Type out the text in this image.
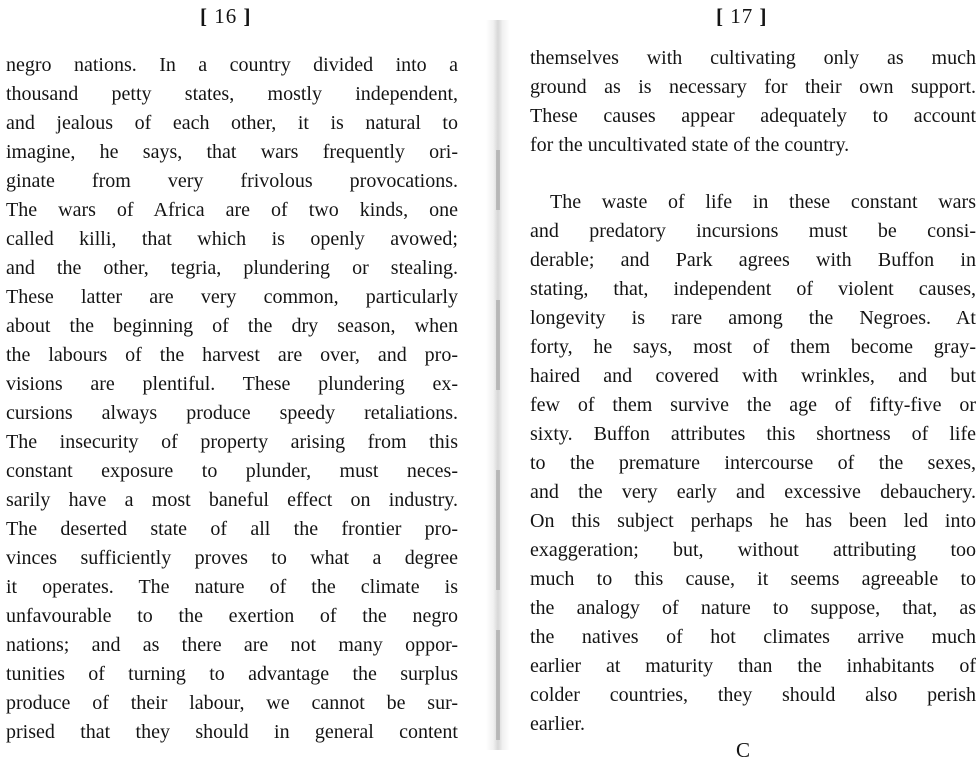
[ 16 ]
negro nations. In a country divided into a
thousand petty states, mostly independent,
and jealous of each other, it is natural to
imagine, he says, that wars frequently ori-
ginate from very frivolous provocations.
The wars of Africa are of two kinds, one
called killi, that which is openly avowed;
and the other, tegria, plundering or stealing.
These latter are very common, particularly
about the beginning of the dry season, when
the labours of the harvest are over, and pro-
visions are plentiful. These plundering ex-
cursions always produce speedy retaliations.
The insecurity of property arising from this
constant exposure to plunder, must neces-
sarily have a most baneful effect on industry.
The deserted state of all the frontier pro-
vinces sufficiently proves to what a degree
it operates. The nature of the climate is
unfavourable to the exertion of the negro
nations; and as there are not many oppor-
tunities of turning to advantage the surplus
produce of their labour, we cannot be sur-
prised that they should in general content
[ 17 ]
themselves with cultivating only as much
ground as is necessary for their own support.
These causes appear adequately to account
for the uncultivated state of the country.
The waste of life in these constant wars
and predatory incursions must be consi-
derable; and Park agrees with Buffon in
stating, that, independent of violent causes,
longevity is rare among the Negroes. At
forty, he says, most of them become gray-
haired and covered with wrinkles, and but
few of them survive the age of fifty-five or
sixty. Buffon attributes this shortness of life
to the premature intercourse of the sexes,
and the very early and excessive debauchery.
On this subject perhaps he has been led into
exaggeration; but, without attributing too
much to this cause, it seems agreeable to
the analogy of nature to suppose, that, as
the natives of hot climates arrive much
earlier at maturity than the inhabitants of
colder countries, they should also perish
earlier.
C
